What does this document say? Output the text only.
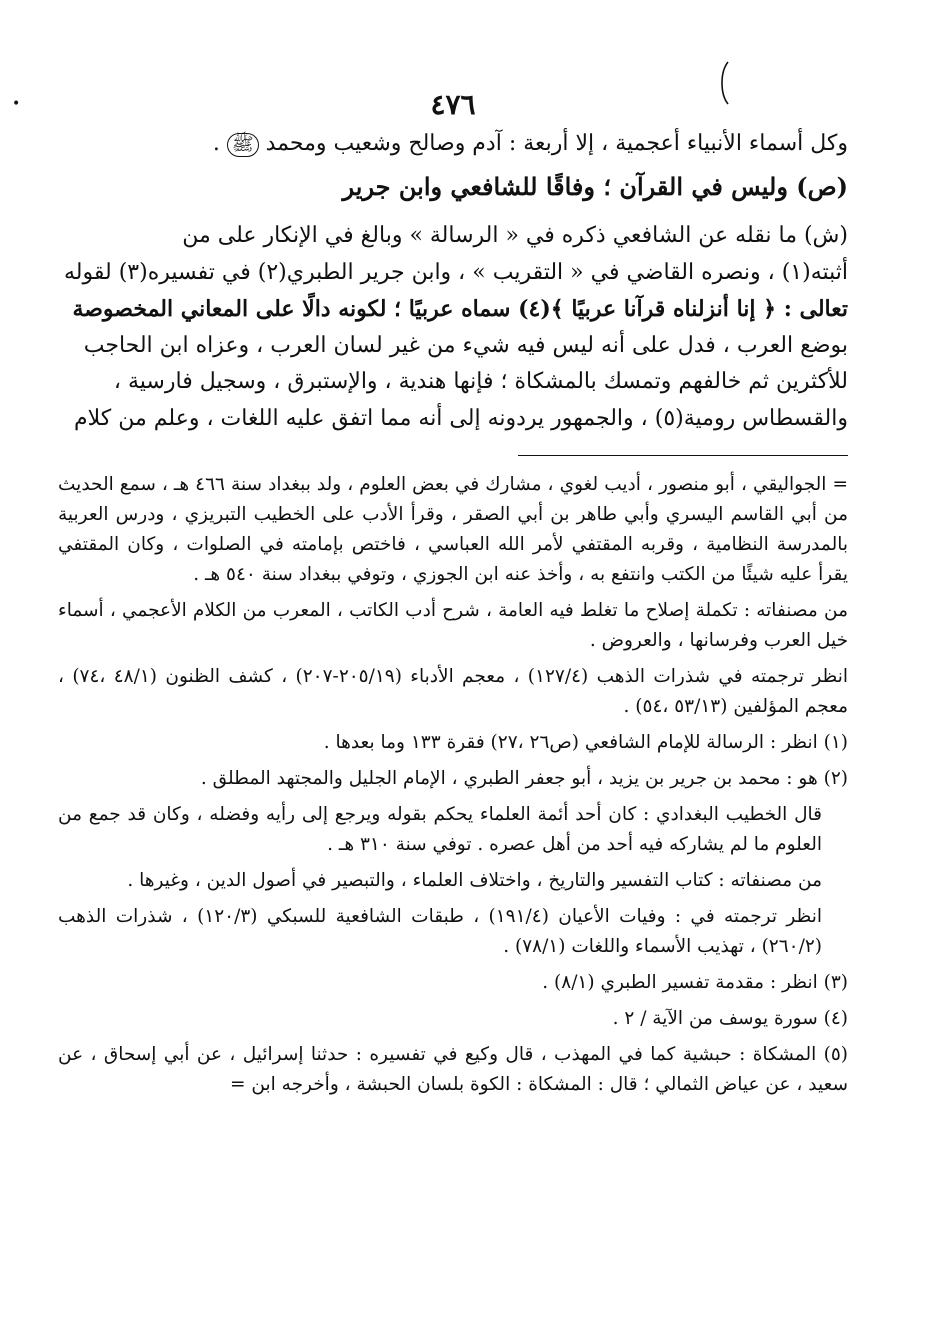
•	٤٧٦

وكل أسماء الأنبياء أعجمية ، إلا أربعة : آدم وصالح وشعيب ومحمد ﷺ .

(ص) وليس في القرآن ؛ وفاقًا للشافعي وابن جرير

(ش) ما نقله عن الشافعي ذكره في « الرسالة » وبالغ في الإنكار على من

أثبته(١) ، ونصره القاضي في « التقريب » ، وابن جرير الطبري(٢) في تفسيره(٣) لقوله

تعالى : ﴿ إنا أنزلناه قرآنا عربيًا ﴾(٤) سماه عربيًا ؛ لكونه دالًا على المعاني المخصوصة

بوضع العرب ، فدل على أنه ليس فيه شيء من غير لسان العرب ، وعزاه ابن الحاجب

للأكثرين ثم خالفهم وتمسك بالمشكاة ؛ فإنها هندية ، والإستبرق ، وسجيل فارسية ،

والقسطاس رومية(٥) ، والجمهور يردونه إلى أنه مما اتفق عليه اللغات ، وعلم من كلام

= الجواليقي ، أبو منصور ، أديب لغوي ، مشارك في بعض العلوم ، ولد ببغداد سنة ٤٦٦ هـ ، سمع الحديث من أبي القاسم اليسري وأبي طاهر بن أبي الصقر ، وقرأ الأدب على الخطيب التبريزي ، ودرس العربية بالمدرسة النظامية ، وقربه المقتفي لأمر الله العباسي ، فاختص بإمامته في الصلوات ، وكان المقتفي يقرأ عليه شيئًا من الكتب وانتفع به ، وأخذ عنه ابن الجوزي ، وتوفي ببغداد سنة ٥٤٠ هـ .

من مصنفاته : تكملة إصلاح ما تغلط فيه العامة ، شرح أدب الكاتب ، المعرب من الكلام الأعجمي ، أسماء خيل العرب وفرسانها ، والعروض .

انظر ترجمته في شذرات الذهب (١٢٧/٤) ، معجم الأدباء (٢٠٥/١٩-٢٠٧) ، كشف الظنون (٤٨/١ ،٧٤) ، معجم المؤلفين (٥٣/١٣ ،٥٤) .

(١) انظر : الرسالة للإمام الشافعي (ص٢٦ ،٢٧) فقرة ١٣٣ وما بعدها .

(٢) هو : محمد بن جرير بن يزيد ، أبو جعفر الطبري ، الإمام الجليل والمجتهد المطلق .

قال الخطيب البغدادي : كان أحد أئمة العلماء يحكم بقوله ويرجع إلى رأيه وفضله ، وكان قد جمع من العلوم ما لم يشاركه فيه أحد من أهل عصره . توفي سنة ٣١٠ هـ .

من مصنفاته : كتاب التفسير والتاريخ ، واختلاف العلماء ، والتبصير في أصول الدين ، وغيرها .

انظر ترجمته في : وفيات الأعيان (١٩١/٤) ، طبقات الشافعية للسبكي (١٢٠/٣) ، شذرات الذهب (٢٦٠/٢) ، تهذيب الأسماء واللغات (٧٨/١) .

(٣) انظر : مقدمة تفسير الطبري (٨/١) .

(٤) سورة يوسف من الآية / ٢ .

(٥) المشكاة : حبشية كما في المهذب ، قال وكيع في تفسيره : حدثنا إسرائيل ، عن أبي إسحاق ، عن سعيد ، عن عياض الثمالي ؛ قال : المشكاة : الكوة بلسان الحبشة ، وأخرجه ابن =
